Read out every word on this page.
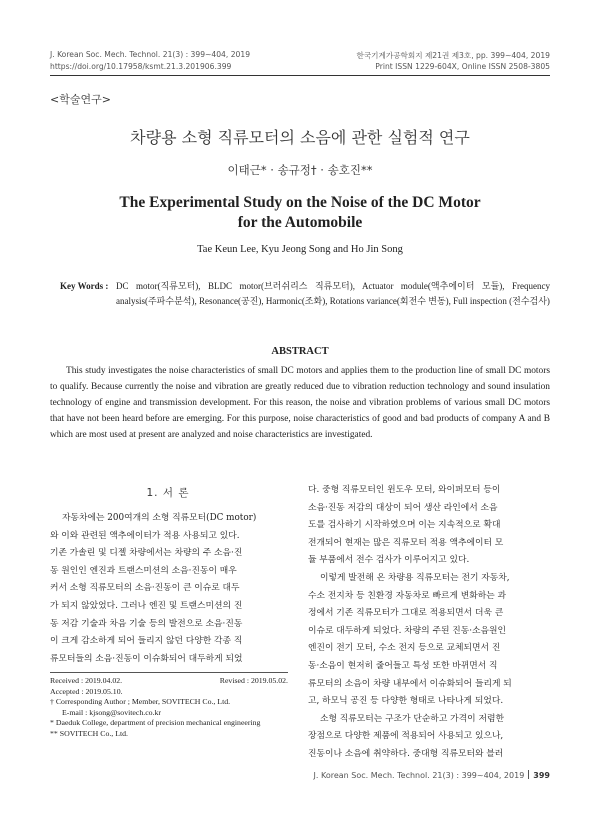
J. Korean Soc. Mech. Technol. 21(3) : 399~404, 2019
https://doi.org/10.17958/ksmt.21.3.201906.399
한국기계가공학회지 제21권 제3호, pp. 399~404, 2019
Print ISSN 1229-604X, Online ISSN 2508-3805
<학술연구>
차량용 소형 직류모터의 소음에 관한 실험적 연구
이태근* · 송규정† · 송호진**
The Experimental Study on the Noise of the DC Motor
for the Automobile
Tae Keun Lee, Kyu Jeong Song and Ho Jin Song
Key Words : DC motor(직류모터), BLDC motor(브러쉬리스 직류모터), Actuator module(액추에이터 모듈), Frequency analysis(주파수분석), Resonance(공진), Harmonic(조화), Rotations variance(회전수 변동), Full inspection (전수검사)
ABSTRACT

This study investigates the noise characteristics of small DC motors and applies them to the production line of small DC motors to qualify. Because currently the noise and vibration are greatly reduced due to vibration reduction technology and sound insulation technology of engine and transmission development. For this reason, the noise and vibration problems of various small DC motors that have not been heard before are emerging. For this purpose, noise characteristics of good and bad products of company A and B which are most used at present are analyzed and noise characteristics are investigated.

1. 서 론
자동차에는 200여개의 소형 직류모터(DC motor)
와 이와 관련된 액추에이터가 적용 사용되고 있다.
기존 가솔린 및 디젤 차량에서는 차량의 주 소음·진
동 원인인 엔진과 트랜스미션의 소음·진동이 매우
커서 소형 직류모터의 소음·진동이 큰 이슈로 대두
가 되지 않았었다. 그러나 엔진 및 트랜스미션의 진
동 저감 기술과 차음 기술 등의 발전으로 소음·진동
이 크게 감소하게 되어 들리지 않던 다양한 각종 직
류모터들의 소음·진동이 이슈화되어 대두하게 되었
다. 중형 직류모터인 윈도우 모터, 와이퍼모터 등이
소음·진동 저감의 대상이 되어 생산 라인에서 소음
도를 검사하기 시작하였으며 이는 지속적으로 확대
전개되어 현재는 많은 직류모터 적용 액추에이터 모
듈 부품에서 전수 검사가 이루어지고 있다.
이렇게 발전해 온 차량용 직류모터는 전기 자동차,
수소 전지차 등 친환경 자동차로 빠르게 변화하는 과
정에서 기존 직류모터가 그대로 적용되면서 더욱 큰
이슈로 대두하게 되었다. 차량의 주된 진동·소음원인
엔진이 전기 모터, 수소 전지 등으로 교체되면서 진
동·소음이 현저히 줄어들고 특성 또한 바뀌면서 직
류모터의 소음이 차량 내부에서 이슈화되어 들리게 되
고, 하모닉 공진 등 다양한 형태로 나타나게 되었다.
소형 직류모터는 구조가 단순하고 가격이 저렴한
장점으로 다양한 제품에 적용되어 사용되고 있으나,
진동이나 소음에 취약하다. 중대형 직류모터와 블러
Received : 2019.04.02.	Revised : 2019.05.02.
Accepted : 2019.05.10.
† Corresponding Author ; Member, SOVITECH Co., Ltd.
E-mail : kjsong@sovitech.co.kr
* Daeduk College, department of precision mechanical engineering
** SOVITECH Co., Ltd.
J. Korean Soc. Mech. Technol. 21(3) : 399~404, 2019 399
